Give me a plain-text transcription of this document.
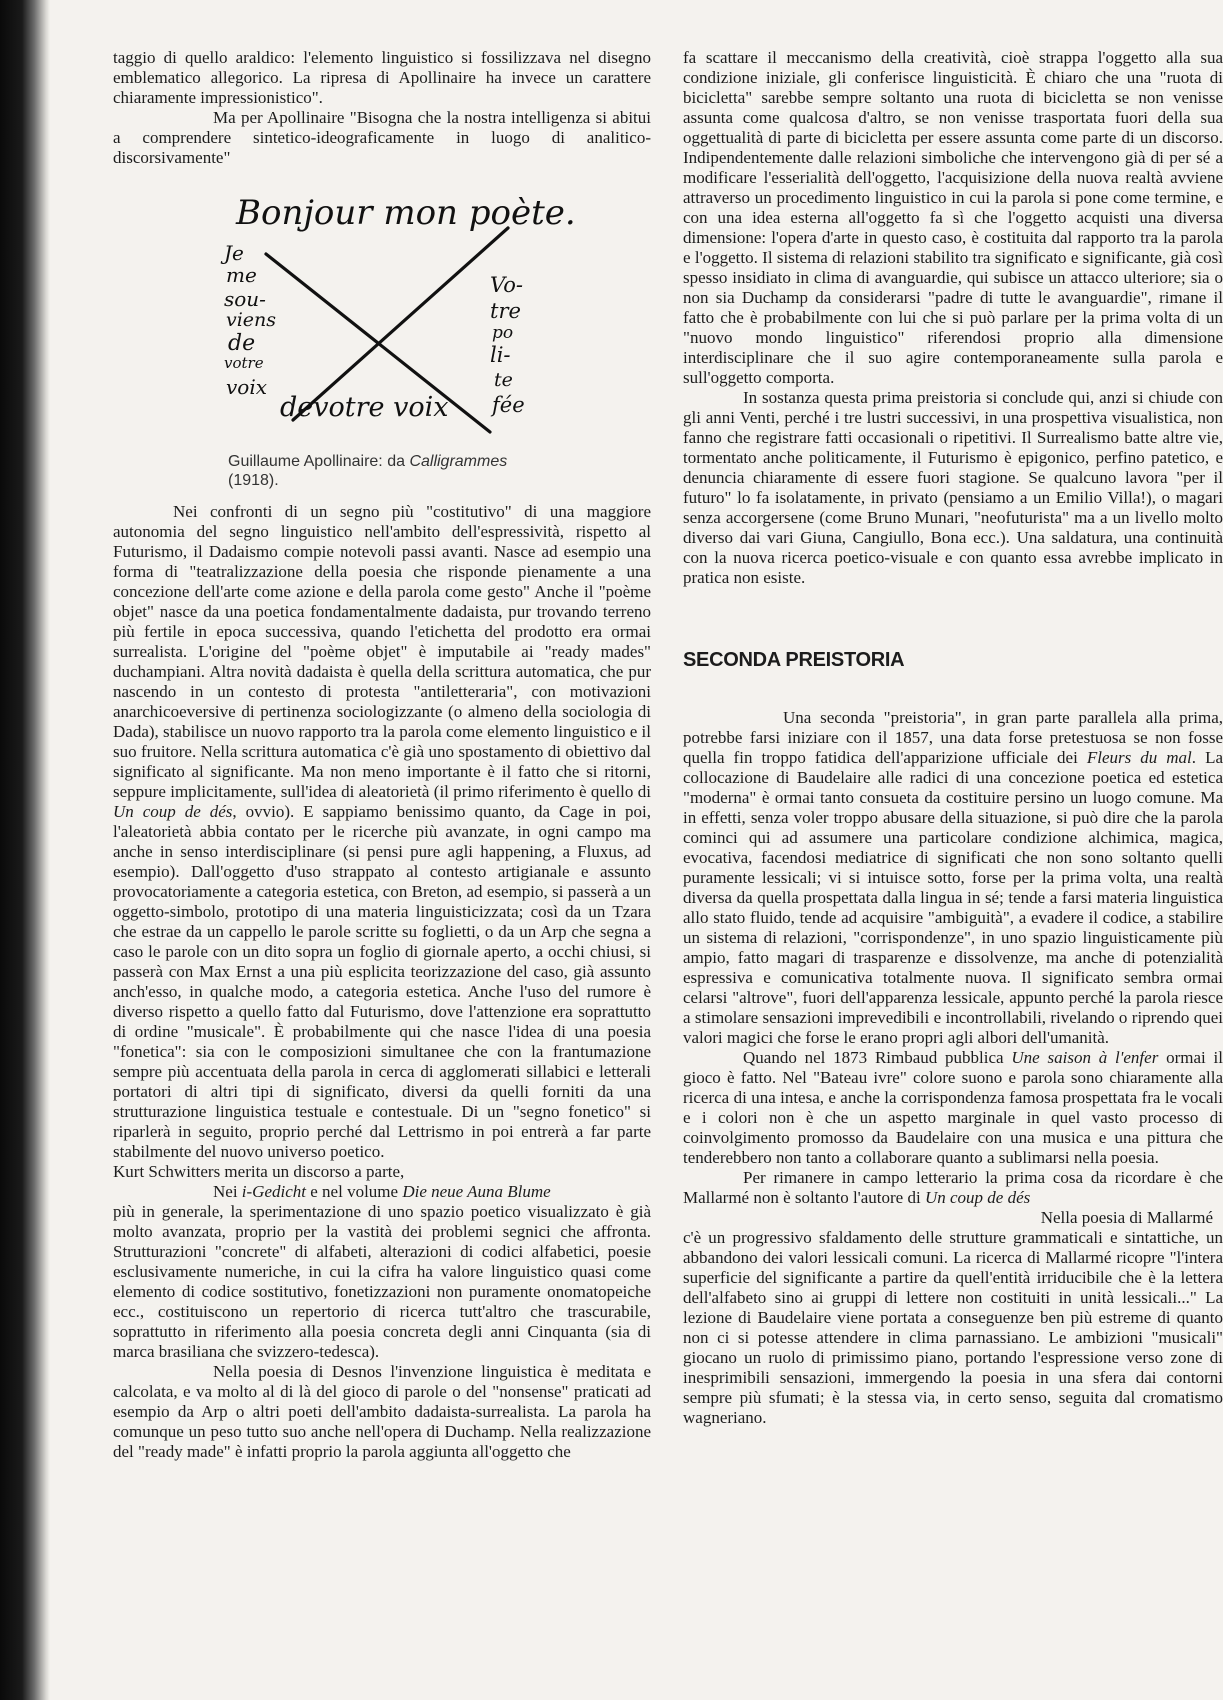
taggio di quello araldico: l'elemento linguistico si fossilizzava nel disegno emblematico allegorico. La ripresa di Apollinaire ha invece un carattere chiaramente impressionistico".

Ma per Apollinaire "Bisogna che la nostra intelligenza si abitui a comprendere sintetico-ideograficamente in luogo di analitico-discorsivamente"

Bonjour mon poète.
Je
me
sou-
viens
de
votre
voix
Vo-
tre
po
li-
te
fée
devotre voix
Guillaume Apollinaire: da Calligrammes
(1918).

Nei confronti di un segno più "costitutivo" di una maggiore autonomia del segno linguistico nell'ambito dell'espressività, rispetto al Futurismo, il Dadaismo compie notevoli passi avanti. Nasce ad esempio una forma di "teatralizzazione della poesia che risponde pienamente a una concezione dell'arte come azione e della parola come gesto" Anche il "poème objet" nasce da una poetica fondamentalmente dadaista, pur trovando terreno più fertile in epoca successiva, quando l'etichetta del prodotto era ormai surrealista. L'origine del "poème objet" è imputabile ai "ready mades" duchampiani. Altra novità dadaista è quella della scrittura automatica, che pur nascendo in un contesto di protesta "antiletteraria", con motivazioni anarchicoeversive di pertinenza sociologizzante (o almeno della sociologia di Dada), stabilisce un nuovo rapporto tra la parola come elemento linguistico e il suo fruitore. Nella scrittura automatica c'è già uno spostamento di obiettivo dal significato al significante. Ma non meno importante è il fatto che si ritorni, seppure implicitamente, sull'idea di aleatorietà (il primo riferimento è quello di Un coup de dés, ovvio). E sappiamo benissimo quanto, da Cage in poi, l'aleatorietà abbia contato per le ricerche più avanzate, in ogni campo ma anche in senso interdisciplinare (si pensi pure agli happening, a Fluxus, ad esempio). Dall'oggetto d'uso strappato al contesto artigianale e assunto provocatoriamente a categoria estetica, con Breton, ad esempio, si passerà a un oggetto-simbolo, prototipo di una materia linguisticizzata; così da un Tzara che estrae da un cappello le parole scritte su foglietti, o da un Arp che segna a caso le parole con un dito sopra un foglio di giornale aperto, a occhi chiusi, si passerà con Max Ernst a una più esplicita teorizzazione del caso, già assunto anch'esso, in qualche modo, a categoria estetica. Anche l'uso del rumore è diverso rispetto a quello fatto dal Futurismo, dove l'attenzione era soprattutto di ordine "musicale". È probabilmente qui che nasce l'idea di una poesia "fonetica": sia con le composizioni simultanee che con la frantumazione sempre più accentuata della parola in cerca di agglomerati sillabici e letterali portatori di altri tipi di significato, diversi da quelli forniti da una strutturazione linguistica testuale e contestuale. Di un "segno fonetico" si riparlerà in seguito, proprio perché dal Lettrismo in poi entrerà a far parte stabilmente del nuovo universo poetico.

Kurt Schwitters merita un discorso a parte,

Nei i-Gedicht e nel volume Die neue Auna Blume

più in generale, la sperimentazione di uno spazio poetico visualizzato è già molto avanzata, proprio per la vastità dei problemi segnici che affronta. Strutturazioni "concrete" di alfabeti, alterazioni di codici alfabetici, poesie esclusivamente numeriche, in cui la cifra ha valore linguistico quasi come elemento di codice sostitutivo, fonetizzazioni non puramente onomatopeiche ecc., costituiscono un repertorio di ricerca tutt'altro che trascurabile, soprattutto in riferimento alla poesia concreta degli anni Cinquanta (sia di marca brasiliana che svizzero-tedesca).

Nella poesia di Desnos l'invenzione linguistica è meditata e calcolata, e va molto al di là del gioco di parole o del "nonsense" praticati ad esempio da Arp o altri poeti dell'ambito dadaista-surrealista. La parola ha comunque un peso tutto suo anche nell'opera di Duchamp. Nella realizzazione del "ready made" è infatti proprio la parola aggiunta all'oggetto che

fa scattare il meccanismo della creatività, cioè strappa l'oggetto alla sua condizione iniziale, gli conferisce linguisticità. È chiaro che una "ruota di bicicletta" sarebbe sempre soltanto una ruota di bicicletta se non venisse assunta come qualcosa d'altro, se non venisse trasportata fuori della sua oggettualità di parte di bicicletta per essere assunta come parte di un discorso. Indipendentemente dalle relazioni simboliche che intervengono già di per sé a modificare l'esserialità dell'oggetto, l'acquisizione della nuova realtà avviene attraverso un procedimento linguistico in cui la parola si pone come termine, e con una idea esterna all'oggetto fa sì che l'oggetto acquisti una diversa dimensione: l'opera d'arte in questo caso, è costituita dal rapporto tra la parola e l'oggetto. Il sistema di relazioni stabilito tra significato e significante, già così spesso insidiato in clima di avanguardie, qui subisce un attacco ulteriore; sia o non sia Duchamp da considerarsi "padre di tutte le avanguardie", rimane il fatto che è probabilmente con lui che si può parlare per la prima volta di un "nuovo mondo linguistico" riferendosi proprio alla dimensione interdisciplinare che il suo agire contemporaneamente sulla parola e sull'oggetto comporta.

In sostanza questa prima preistoria si conclude qui, anzi si chiude con gli anni Venti, perché i tre lustri successivi, in una prospettiva visualistica, non fanno che registrare fatti occasionali o ripetitivi. Il Surrealismo batte altre vie, tormentato anche politicamente, il Futurismo è epigonico, perfino patetico, e denuncia chiaramente di essere fuori stagione. Se qualcuno lavora "per il futuro" lo fa isolatamente, in privato (pensiamo a un Emilio Villa!), o magari senza accorgersene (come Bruno Munari, "neofuturista" ma a un livello molto diverso dai vari Giuna, Cangiullo, Bona ecc.). Una saldatura, una continuità con la nuova ricerca poetico-visuale e con quanto essa avrebbe implicato in pratica non esiste.

SECONDA PREISTORIA

Una seconda "preistoria", in gran parte parallela alla prima, potrebbe farsi iniziare con il 1857, una data forse pretestuosa se non fosse quella fin troppo fatidica dell'apparizione ufficiale dei Fleurs du mal. La collocazione di Baudelaire alle radici di una concezione poetica ed estetica "moderna" è ormai tanto consueta da costituire persino un luogo comune. Ma in effetti, senza voler troppo abusare della situazione, si può dire che la parola cominci qui ad assumere una particolare condizione alchimica, magica, evocativa, facendosi mediatrice di significati che non sono soltanto quelli puramente lessicali; vi si intuisce sotto, forse per la prima volta, una realtà diversa da quella prospettata dalla lingua in sé; tende a farsi materia linguistica allo stato fluido, tende ad acquisire "ambiguità", a evadere il codice, a stabilire un sistema di relazioni, "corrispondenze", in uno spazio linguisticamente più ampio, fatto magari di trasparenze e dissolvenze, ma anche di potenzialità espressiva e comunicativa totalmente nuova. Il significato sembra ormai celarsi "altrove", fuori dell'apparenza lessicale, appunto perché la parola riesce a stimolare sensazioni imprevedibili e incontrollabili, rivelando o riprendo quei valori magici che forse le erano propri agli albori dell'umanità.

Quando nel 1873 Rimbaud pubblica Une saison à l'enfer ormai il gioco è fatto. Nel "Bateau ivre" colore suono e parola sono chiaramente alla ricerca di una intesa, e anche la corrispondenza famosa prospettata fra le vocali e i colori non è che un aspetto marginale in quel vasto processo di coinvolgimento promosso da Baudelaire con una musica e una pittura che tenderebbero non tanto a collaborare quanto a sublimarsi nella poesia.

Per rimanere in campo letterario la prima cosa da ricordare è che Mallarmé non è soltanto l'autore di Un coup de dés

Nella poesia di Mallarmé

c'è un progressivo sfaldamento delle strutture grammaticali e sintattiche, un abbandono dei valori lessicali comuni. La ricerca di Mallarmé ricopre "l'intera superficie del significante a partire da quell'entità irriducibile che è la lettera dell'alfabeto sino ai gruppi di lettere non costituiti in unità lessicali..." La lezione di Baudelaire viene portata a conseguenze ben più estreme di quanto non ci si potesse attendere in clima parnassiano. Le ambizioni "musicali" giocano un ruolo di primissimo piano, portando l'espressione verso zone di inesprimibili sensazioni, immergendo la poesia in una sfera dai contorni sempre più sfumati; è la stessa via, in certo senso, seguita dal cromatismo wagneriano.
